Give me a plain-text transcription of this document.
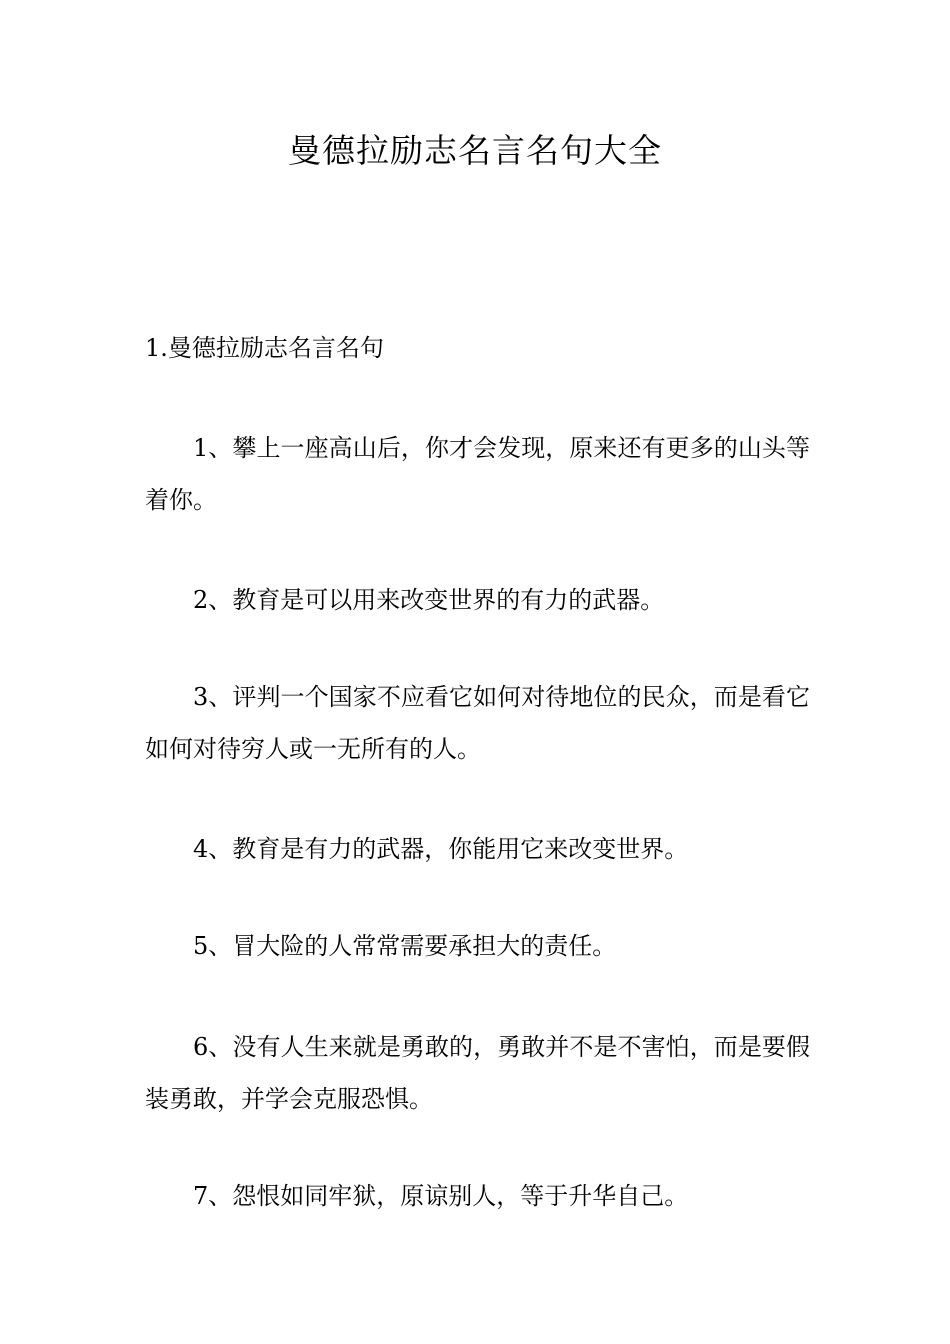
曼德拉励志名言名句大全
1.曼德拉励志名言名句

1、攀上一座高山后，你才会发现，原来还有更多的山头等着你。

2、教育是可以用来改变世界的有力的武器。

3、评判一个国家不应看它如何对待地位的民众，而是看它如何对待穷人或一无所有的人。

4、教育是有力的武器，你能用它来改变世界。

5、冒大险的人常常需要承担大的责任。

6、没有人生来就是勇敢的，勇敢并不是不害怕，而是要假装勇敢，并学会克服恐惧。

7、怨恨如同牢狱，原谅别人，等于升华自己。
